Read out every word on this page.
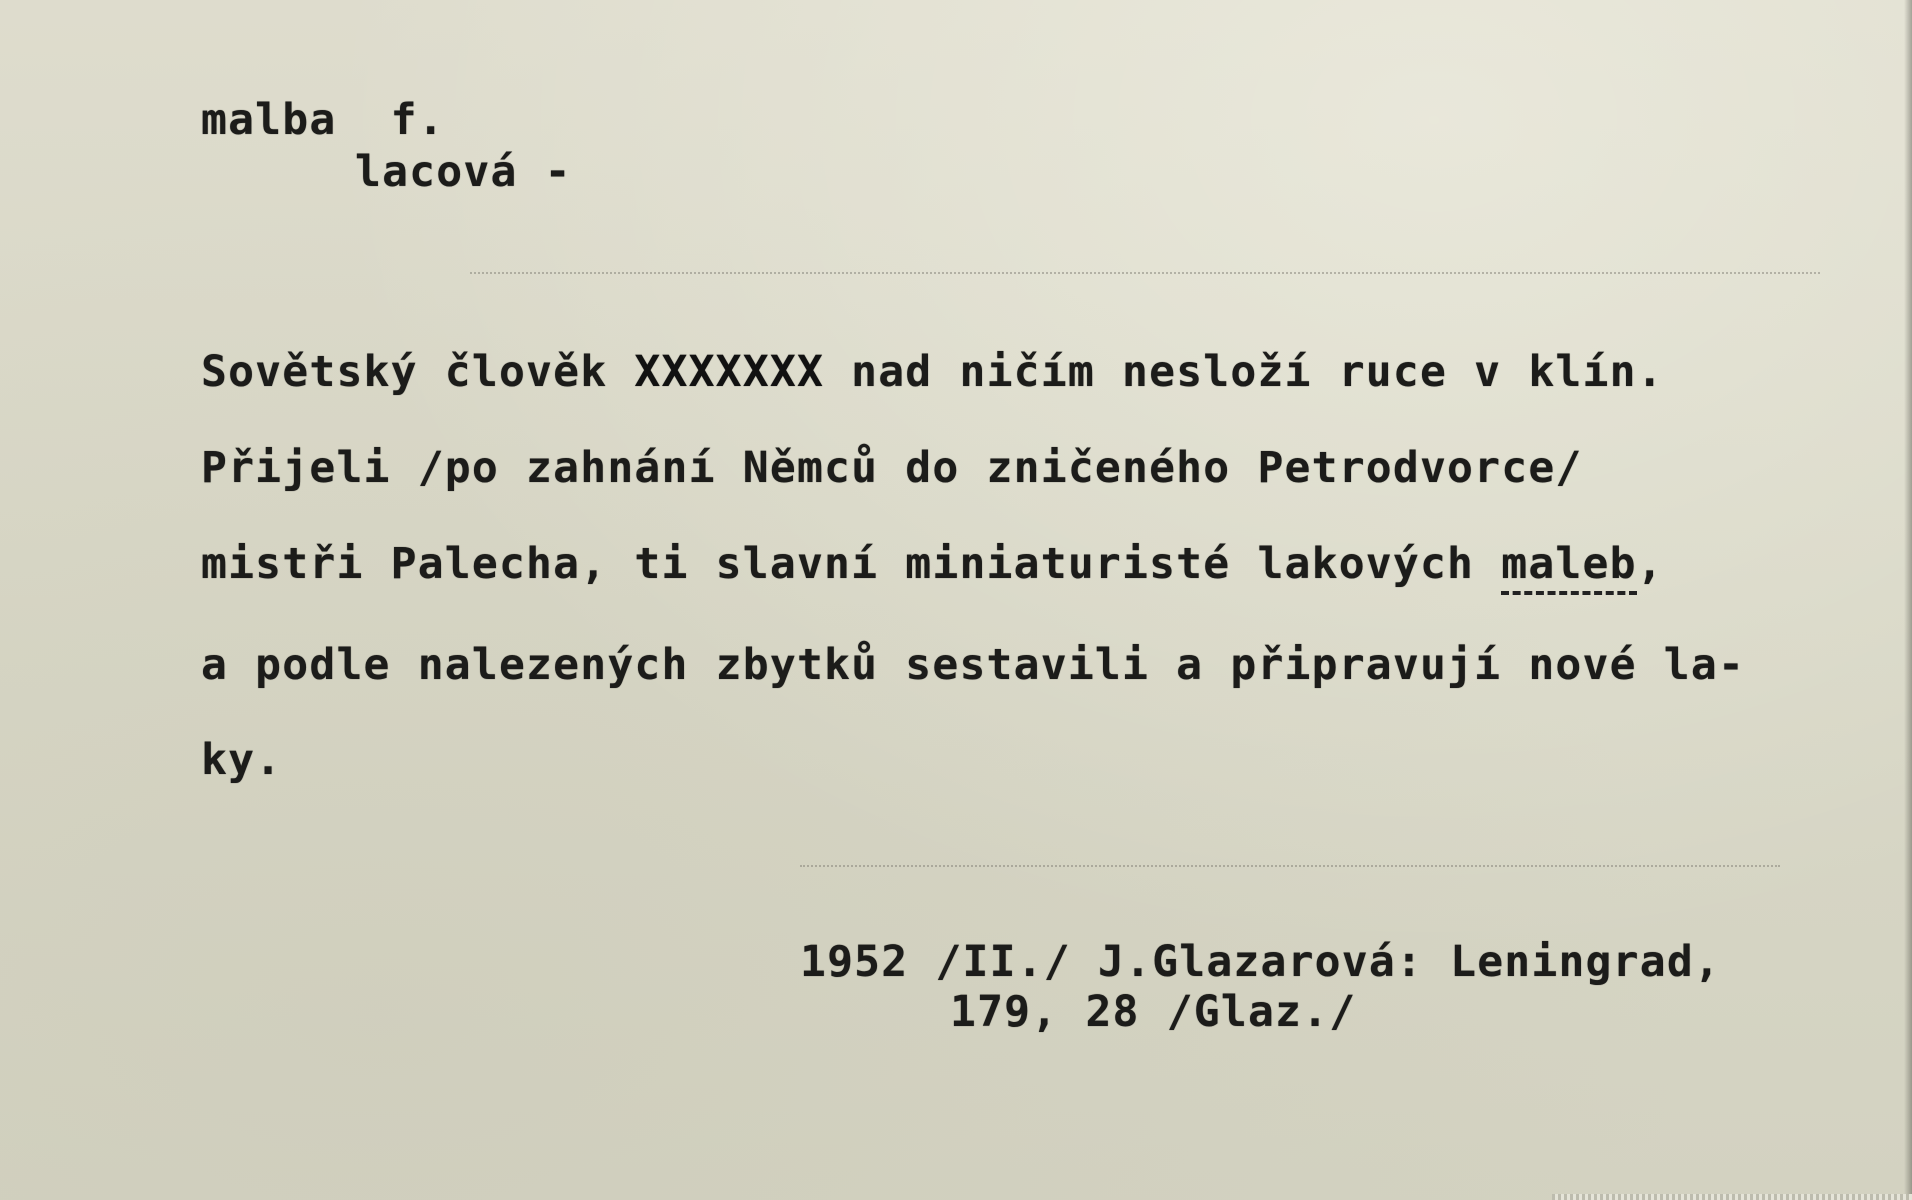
malba  f.
lacová -
Sovětský člověk XXXXXXX nad ničím nesloží ruce v klín.
Přijeli /po zahnání Němců do zničeného Petrodvorce/
mistři Palecha, ti slavní miniaturisté lakových maleb,
a podle nalezených zbytků sestavili a připravují nové la-
ky.
1952 /II./ J.Glazarová: Leningrad,
179, 28 /Glaz./
